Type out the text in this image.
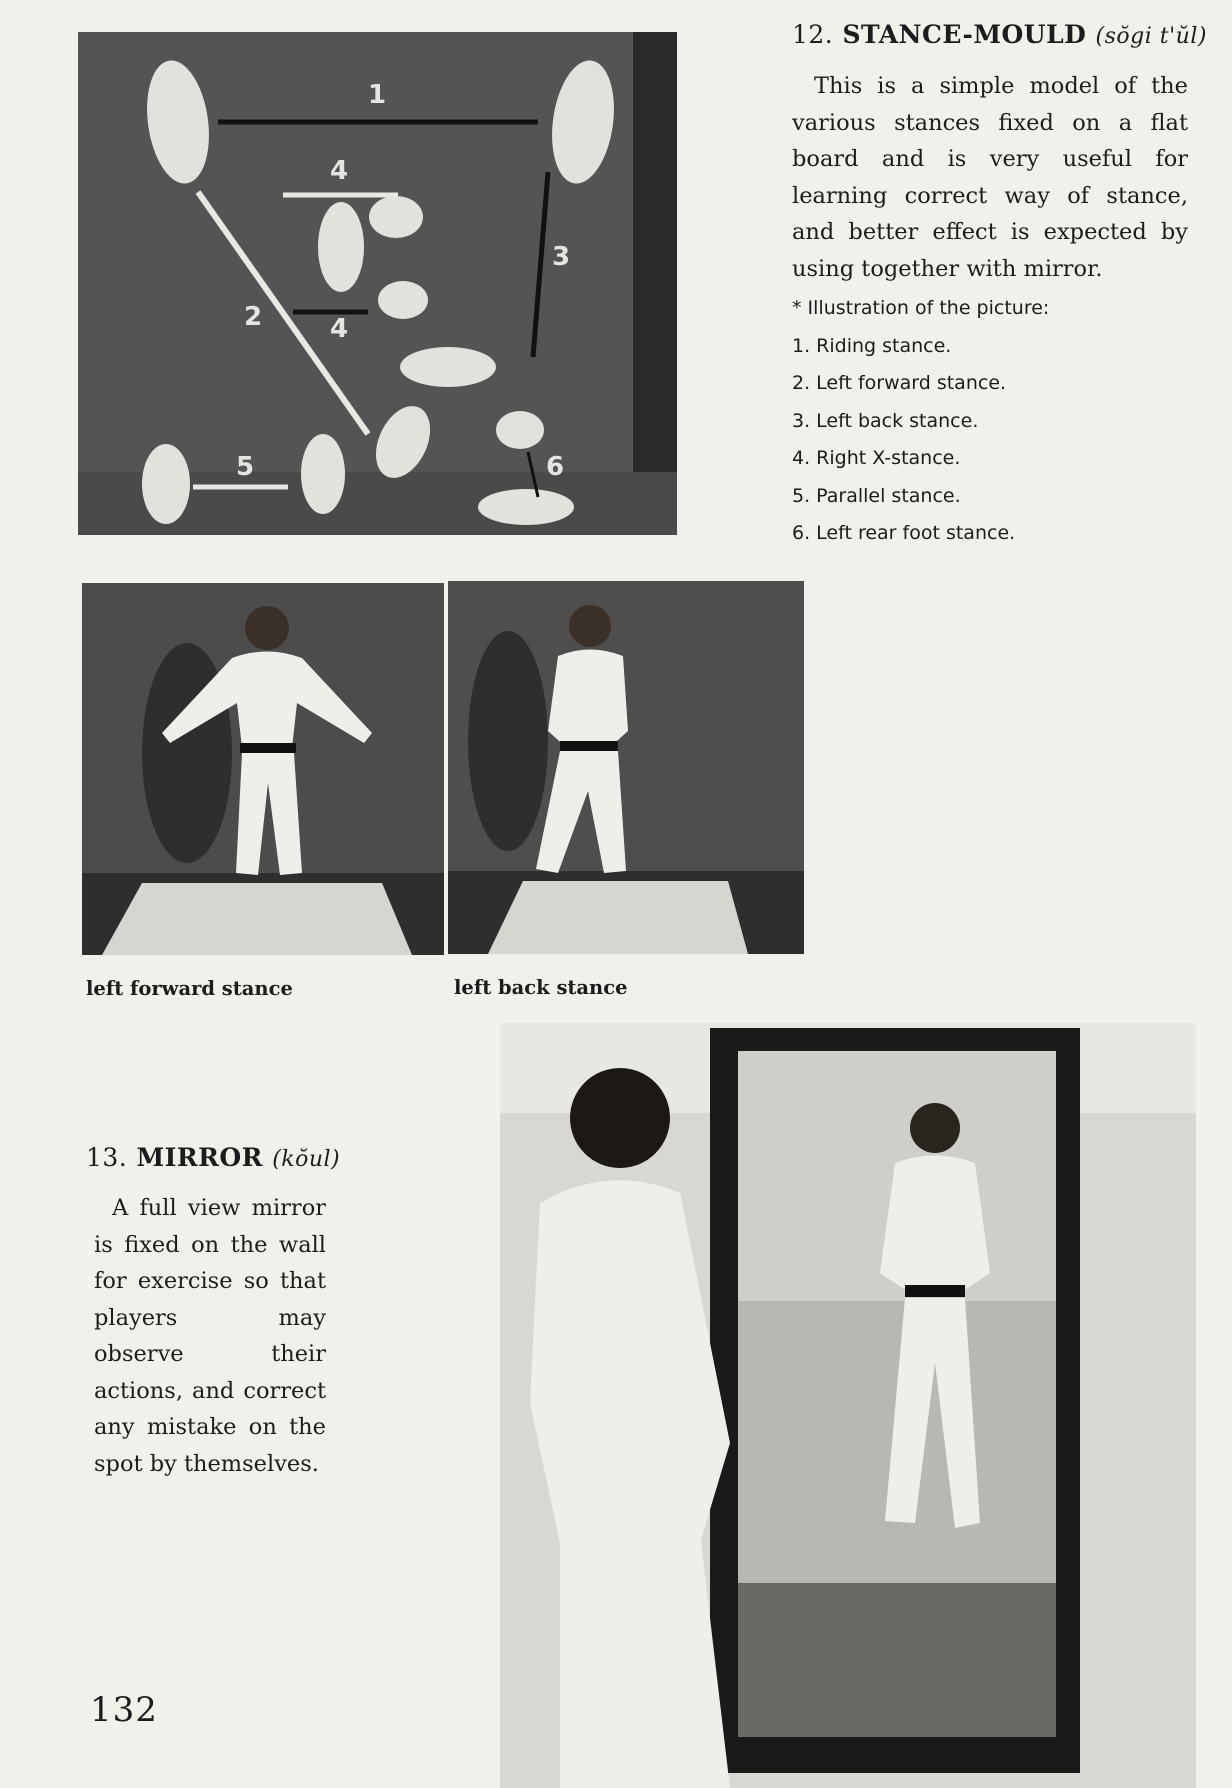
1
2
3
4
4
5	6
12. STANCE-MOULD (sŏgi t'ŭl)

This is a simple model of the various stances fixed on a flat board and is very useful for learning correct way of stance, and better effect is expected by using together with mirror.

* Illustration of the picture:
1. Riding stance.
2. Left forward stance.
3. Left back stance.
4. Right X-stance.
5. Parallel stance.
6. Left rear foot stance.
left forward stance	left back stance
13. MIRROR (kŏul)

A full view mirror is fixed on the wall for exercise so that players may observe their actions, and correct any mistake on the spot by themselves.

132
